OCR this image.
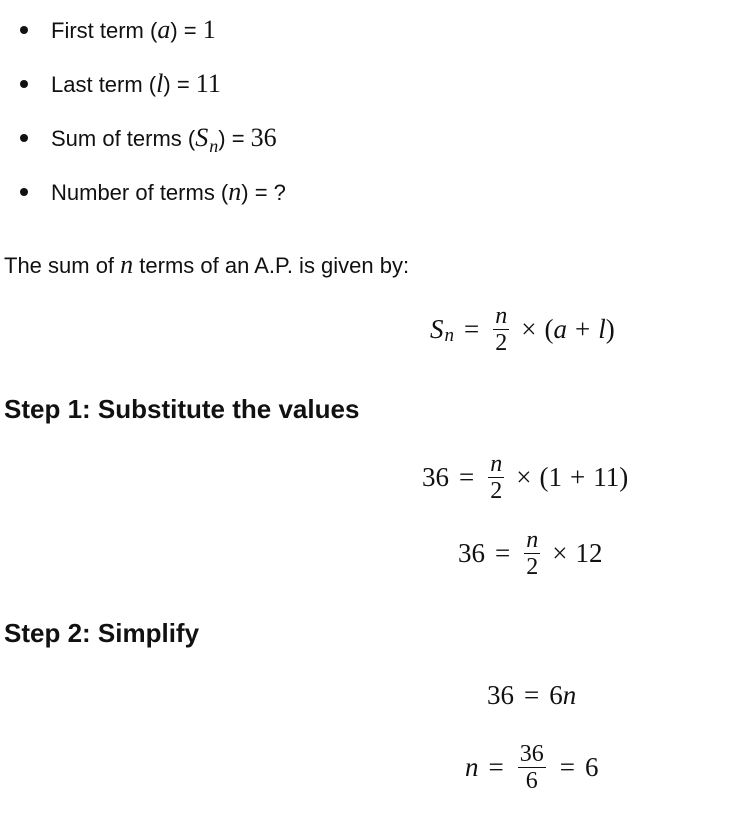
First term (a) = 1
Last term (l) = 11
Sum of terms $(S_n) = 36$
Number of terms (n) = ?

The sum of n terms of an A.P. is given by:

S $n = \frac{n}{2}$ × ( a + l )
Step 1: Substitute the values
$36 = \frac{n}{2}$ × ( 1 + 11 )
$36 = \frac{n}{2} \times 12$
Step 2: Simplify
36 = 6 n
$n = \frac{36}{6} = 6$
